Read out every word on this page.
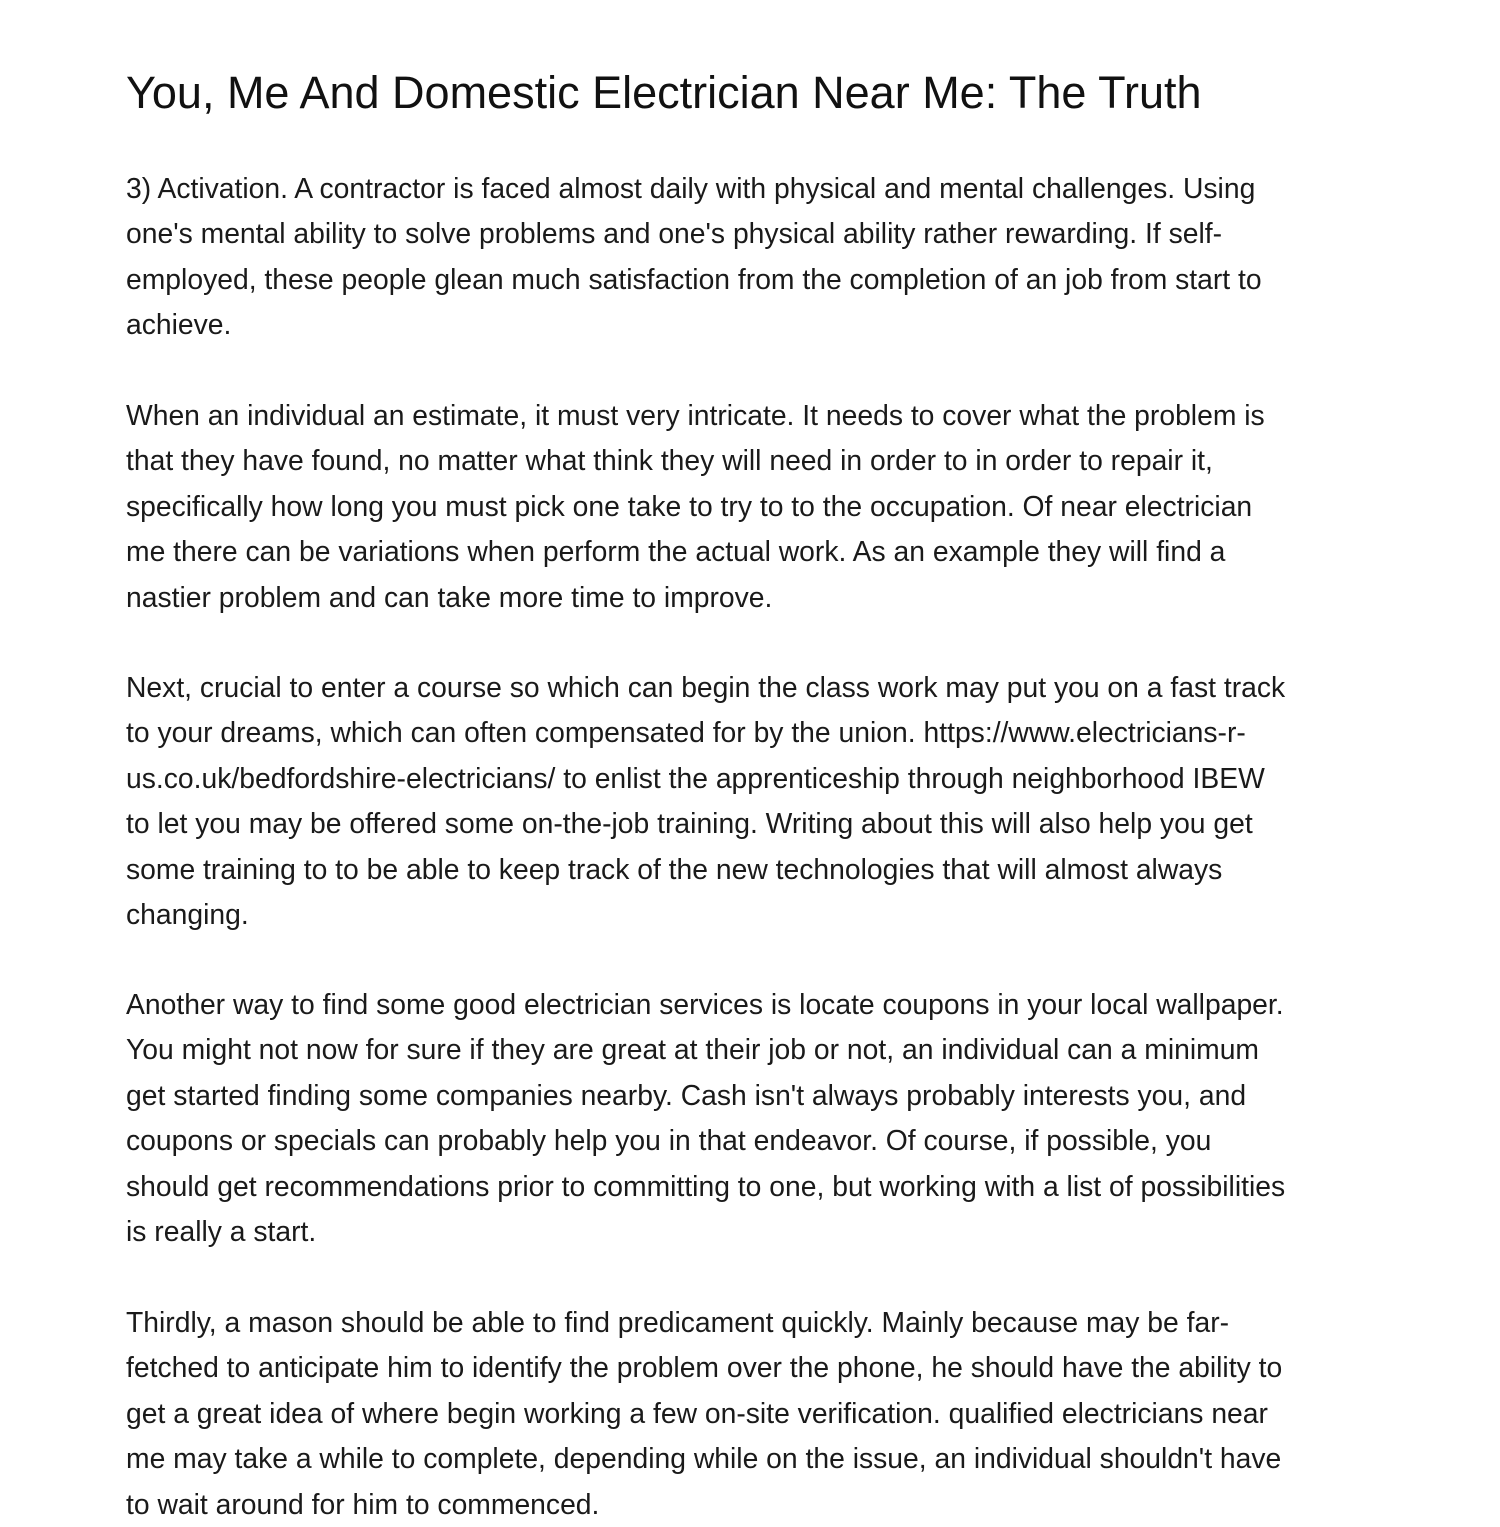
You, Me And Domestic Electrician Near Me: The Truth

3) Activation. A contractor is faced almost daily with physical and mental challenges. Using
one's mental ability to solve problems and one's physical ability rather rewarding. If self-
employed, these people glean much satisfaction from the completion of an job from start to
achieve.

When an individual an estimate, it must very intricate. It needs to cover what the problem is
that they have found, no matter what think they will need in order to in order to repair it,
specifically how long you must pick one take to try to to the occupation. Of near electrician
me there can be variations when perform the actual work. As an example they will find a
nastier problem and can take more time to improve.

Next, crucial to enter a course so which can begin the class work may put you on a fast track
to your dreams, which can often compensated for by the union. https://www.electricians-r-
us.co.uk/bedfordshire-electricians/ to enlist the apprenticeship through neighborhood IBEW
to let you may be offered some on-the-job training. Writing about this will also help you get
some training to to be able to keep track of the new technologies that will almost always
changing.

Another way to find some good electrician services is locate coupons in your local wallpaper.
You might not now for sure if they are great at their job or not, an individual can a minimum
get started finding some companies nearby. Cash isn't always probably interests you, and
coupons or specials can probably help you in that endeavor. Of course, if possible, you
should get recommendations prior to committing to one, but working with a list of possibilities
is really a start.

Thirdly, a mason should be able to find predicament quickly. Mainly because may be far-
fetched to anticipate him to identify the problem over the phone, he should have the ability to
get a great idea of where begin working a few on-site verification. qualified electricians near
me may take a while to complete, depending while on the issue, an individual shouldn't have
to wait around for him to commenced.
